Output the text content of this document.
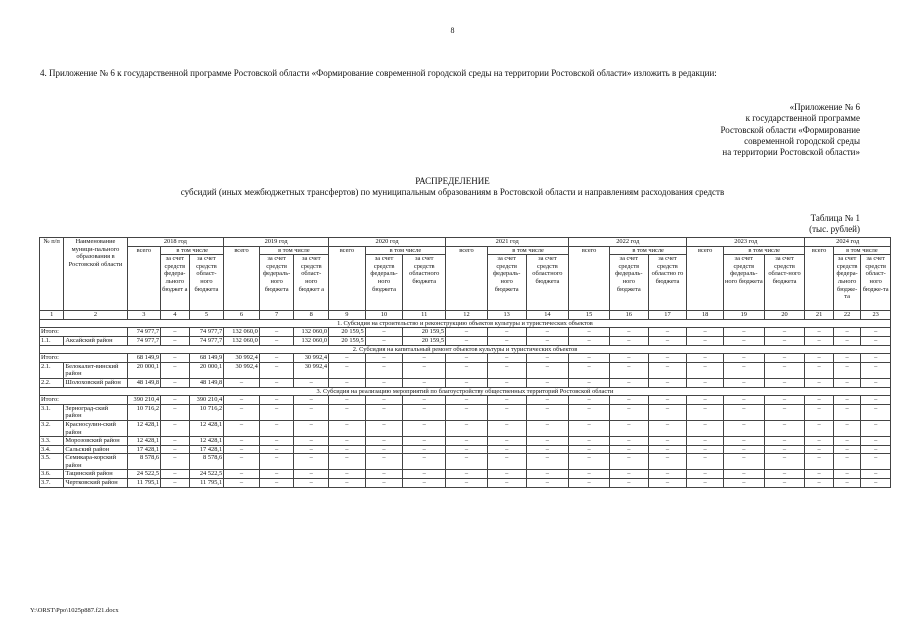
8
4. Приложение № 6 к государственной программе Ростовской области «Формирование современной городской среды на территории Ростовской области» изложить в редакции:
«Приложение № 6
к государственной программе
Ростовской области «Формирование
современной городской среды
на территории Ростовской области»
РАСПРЕДЕЛЕНИЕ
субсидий (иных межбюджетных трансфертов) по муниципальным образованиям в Ростовской области и направлениям расходования средств
Таблица № 1
(тыс. рублей)
№ п/п	Наименование муници-пального образования в Ростовской области	2018 год			2019 год			2020 год			2021 год			2022 год			2023 год			2024 год		
		всего	в том числе		всего	в том числе		всего	в том числе		всего	в том числе		всего	в том числе		всего	в том числе		всего	в том числе	
			за счет средств федера-льного бюджет а	за счет средств област-ного бюджета		за счет средств федераль-ного бюджета	за счет средств област-ного бюджет а		за счет средств федераль-ного бюджета	за счет средств областного бюджета		за счет средств федераль-ного бюджета	за счет средств областного бюджета		за счет средств федераль-ного бюджета	за счет средств областно го бюджета		за счет средств федераль-ного бюджета	за счет средств област-ного бюджета		за счет средств федера-льного бюдже-та	за счет средств област-ного бюдже-та
1	2	3	4	5	6	7	8	9	10	11	12	13	14	15	16	17	18	19	20	21	22	23
1. Субсидия на строительство и реконструкцию объектов культуры и туристических объектов																						
Итого:		74 977,7	–	74 977,7	132 060,0	–	132 060,0	20 159,5	–	20 159,5	–	–	–	–	–	–	–	–	–	–	–	–
1.1.	Аксайский район	74 977,7	–	74 977,7	132 060,0	–	132 060,0	20 159,5	–	20 159,5	–	–	–	–	–	–	–	–	–	–	–	–
2. Субсидия на капитальный ремонт объектов культуры и туристических объектов																						
Итого:		68 149,9	–	68 149,9	30 992,4	–	30 992,4	–	–	–	–	–	–	–	–	–	–	–	–	–	–	–
2.1.	Белокалит-винский район	20 000,1	–	20 000,1	30 992,4	–	30 992,4	–	–	–	–	–	–	–	–	–	–	–	–	–	–	–
2.2.	Шолоховский район	48 149,8	–	48 149,8	–	–	–	–	–	–	–	–	–	–	–	–	–	–	–	–	–	–
3. Субсидия на реализацию мероприятий по благоустройству общественных территорий Ростовской области																						
Итого:		390 210,4	–	390 210,4	–	–	–	–	–	–	–	–	–	–	–	–	–	–	–	–	–	–
3.1.	Зерноград-ский район	10 716,2	–	10 716,2	–	–	–	–	–	–	–	–	–	–	–	–	–	–	–	–	–	–
3.2.	Красносулин-ский район	12 428,1	–	12 428,1	–	–	–	–	–	–	–	–	–	–	–	–	–	–	–	–	–	–
3.3.	Морозовский район	12 428,1	–	12 428,1	–	–	–	–	–	–	–	–	–	–	–	–	–	–	–	–	–	–
3.4.	Сальский район	17 428,1	–	17 428,1	–	–	–	–	–	–	–	–	–	–	–	–	–	–	–	–	–	–
3.5.	Семикара-корский район	8 578,6	–	8 578,6	–	–	–	–	–	–	–	–	–	–	–	–	–	–	–	–	–	–
3.6.	Тацинский район	24 522,5	–	24 522,5	–	–	–	–	–	–	–	–	–	–	–	–	–	–	–	–	–	–
3.7.	Чертковский район	11 795,1	–	11 795,1	–	–	–	–	–	–	–	–	–	–	–	–	–	–	–	–	–	–
Y:\ORST\Ppo\1025p887.f21.docx
